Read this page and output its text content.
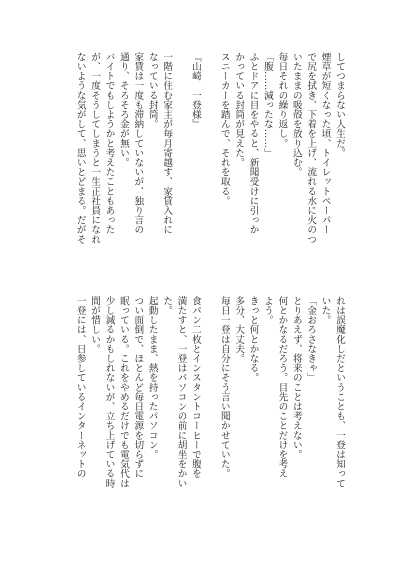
してつまらない人生だ。
煙草が短くなった頃、トイレットペーパー
で尻を拭き、下着を上げ、流れる水に火のつ
いたままの吸殻を放り込む。
毎日それの繰り返し。
「腹……減ったな……」
ふとドアに目をやると、新聞受けに引っか
かっている封筒が見えた。
スニーカーを踏んで、それを取る。

『山崎　一登様』

一階に住む家主が毎月寄越す、家賃入れに
なっている封筒。
家賃は一度も滞納していないが、独り言の
通り、そろそろ金が無い。
バイトでもしようかと考えたこともあった
が、一度そうしてしまうと一生正社員になれ
ないような気がして、思いとどまる。だがそ
れは誤魔化しだということも、一登は知って
いた。
「金おろさなきゃ」
とりあえず、将来のことは考えない。
何とかなるだろう。目先のことだけを考え
よう。
きっと何とかなる。
多分、大丈夫。
毎日一登は自分にそう言い聞かせていた。

食パン二枚とインスタントコーヒーで腹を
満たすと、一登はパソコンの前に胡坐をかい
た。
起動したまま、熱を持ったパソコン。
つい面倒で、ほとんど毎日電源を切らずに
眠っている。これをやめるだけでも電気代は
少し減るかもしれないが、立ち上げている時
間が惜しい。
一登には、日参しているインターネットの
